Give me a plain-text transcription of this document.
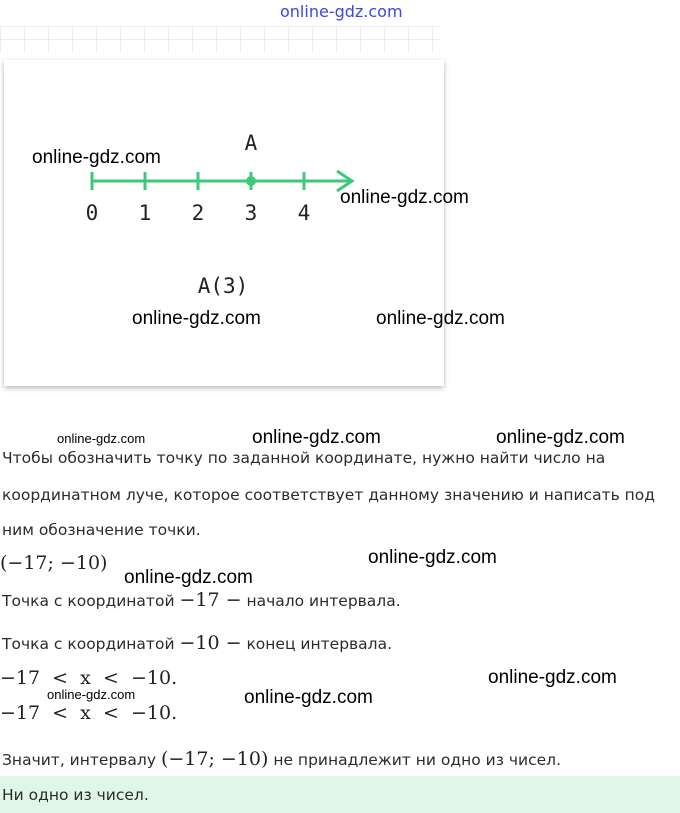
online-gdz.com
0 1 2 3 4
A
A(3)
online-gdz.com
online-gdz.com
online-gdz.com	online-gdz.com
online-gdz.com	online-gdz.com	online-gdz.com
online-gdz.com
online-gdz.com
online-gdz.com
online-gdz.com	online-gdz.com
Чтобы обозначить точку по заданной координате, нужно найти число на
координатном луче, которое соответствует данному значению и написать под
ним обозначение точки.
(−17; −10)
Точка с координатой −17 − начало интервала.
Точка с координатой −10 − конец интервала.
−17  <  x  <  −10.
−17  <  x  <  −10.
Значит, интервалу (−17; −10) не принадлежит ни одно из чисел.
Ни одно из чисел.
